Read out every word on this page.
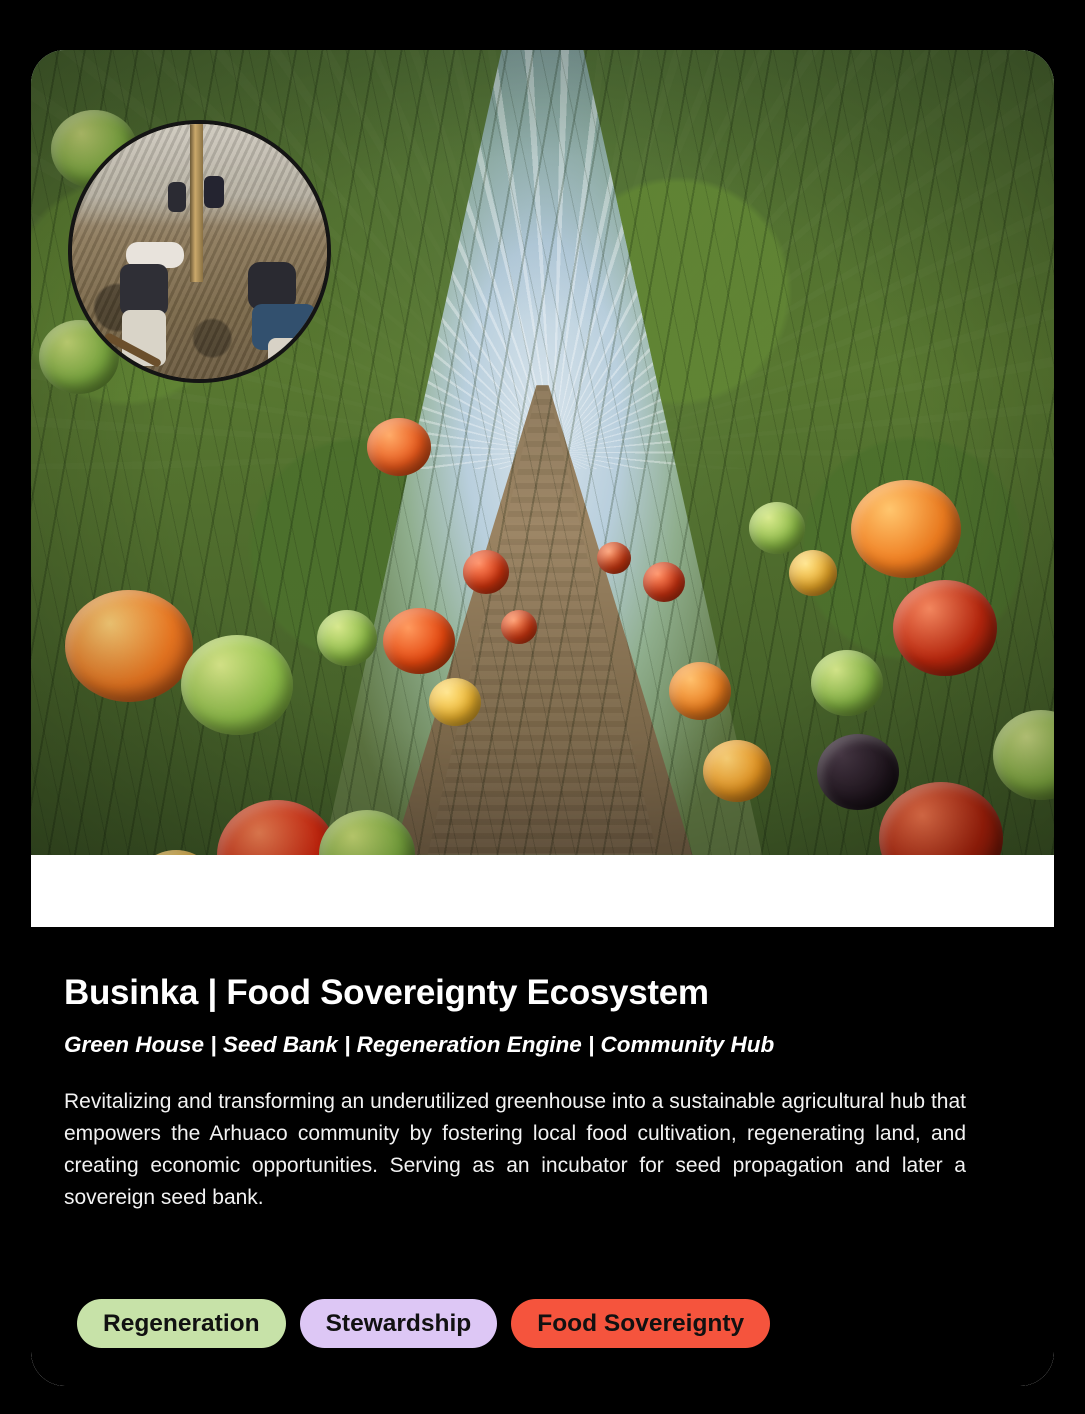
Businka | Food Sovereignty Ecosystem
Green House | Seed Bank | Regeneration Engine | Community Hub

Revitalizing and transforming an underutilized greenhouse into a sustainable agricultural hub that empowers the Arhuaco community by fostering local food cultivation, regenerating land, and creating economic opportunities. Serving as an incubator for seed propagation and later a sovereign seed bank.

Regeneration	Stewardship	Food Sovereignty
